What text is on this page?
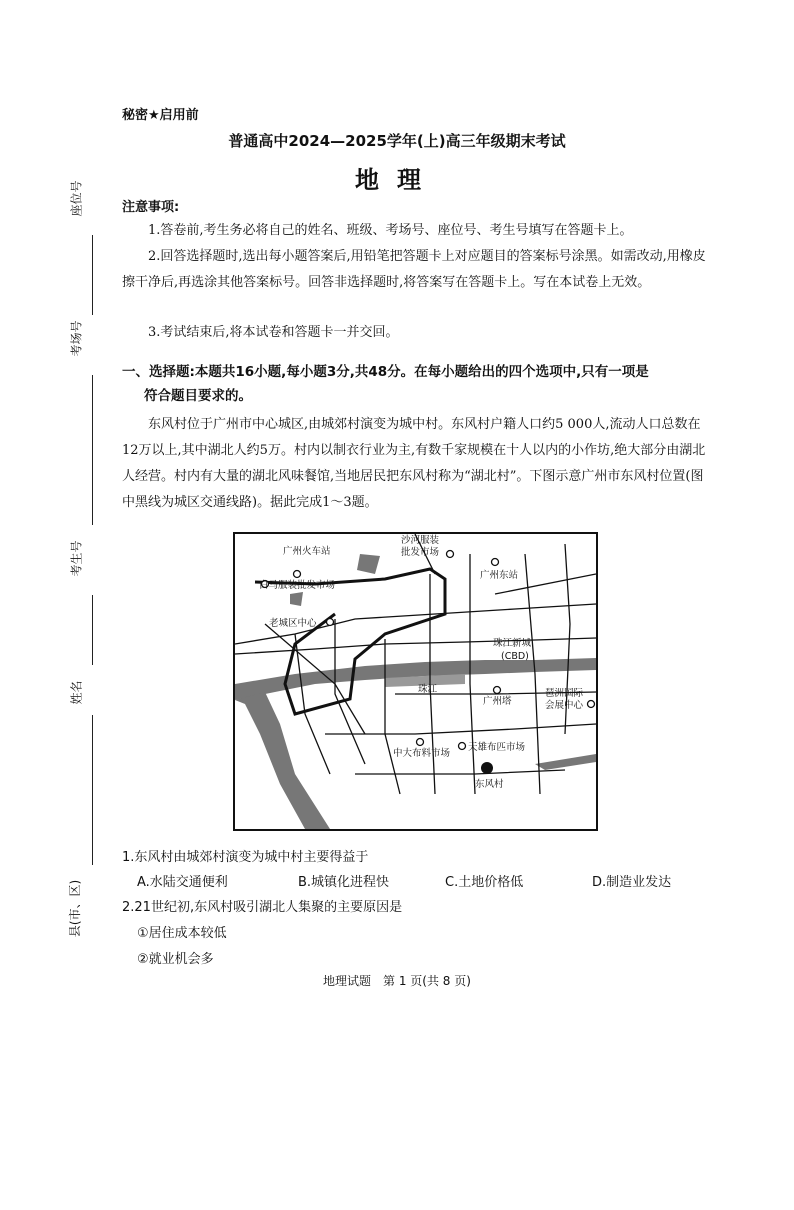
座位号
考场号
考生号
姓名
县(市、区)
秘密★启用前
普通高中2024—2025学年(上)高三年级期末考试
地理
注意事项:
1.答卷前,考生务必将自己的姓名、班级、考场号、座位号、考生号填写在答题卡上。
2.回答选择题时,选出每小题答案后,用铅笔把答题卡上对应题目的答案标号涂黑。如需改动,用橡皮擦干净后,再选涂其他答案标号。回答非选择题时,将答案写在答题卡上。写在本试卷上无效。
3.考试结束后,将本试卷和答题卡一并交回。
一、选择题:本题共16小题,每小题3分,共48分。在每小题给出的四个选项中,只有一项是
符合题目要求的。
东风村位于广州市中心城区,由城郊村演变为城中村。东风村户籍人口约5 000人,流动人口总数在12万以上,其中湖北人约5万。村内以制衣行业为主,有数千家规模在十人以内的小作坊,绝大部分由湖北人经营。村内有大量的湖北风味餐馆,当地居民把东风村称为“湖北村”。下图示意广州市东风村位置(图中黑线为城区交通线路)。据此完成1～3题。
广州火车站
沙河服装
批发市场
广州东站
白马服装批发市场
老城区中心
珠江新城
(CBD)
珠江
广州塔
琶洲国际
会展中心
中大布料市场
天雄布匹市场
东风村
1.东风村由城郊村演变为城中村主要得益于
A.水陆交通便利	B.城镇化进程快	C.土地价格低	D.制造业发达
2.21世纪初,东风村吸引湖北人集聚的主要原因是
①居住成本较低
②就业机会多
地理试题　第 1 页(共 8 页)
